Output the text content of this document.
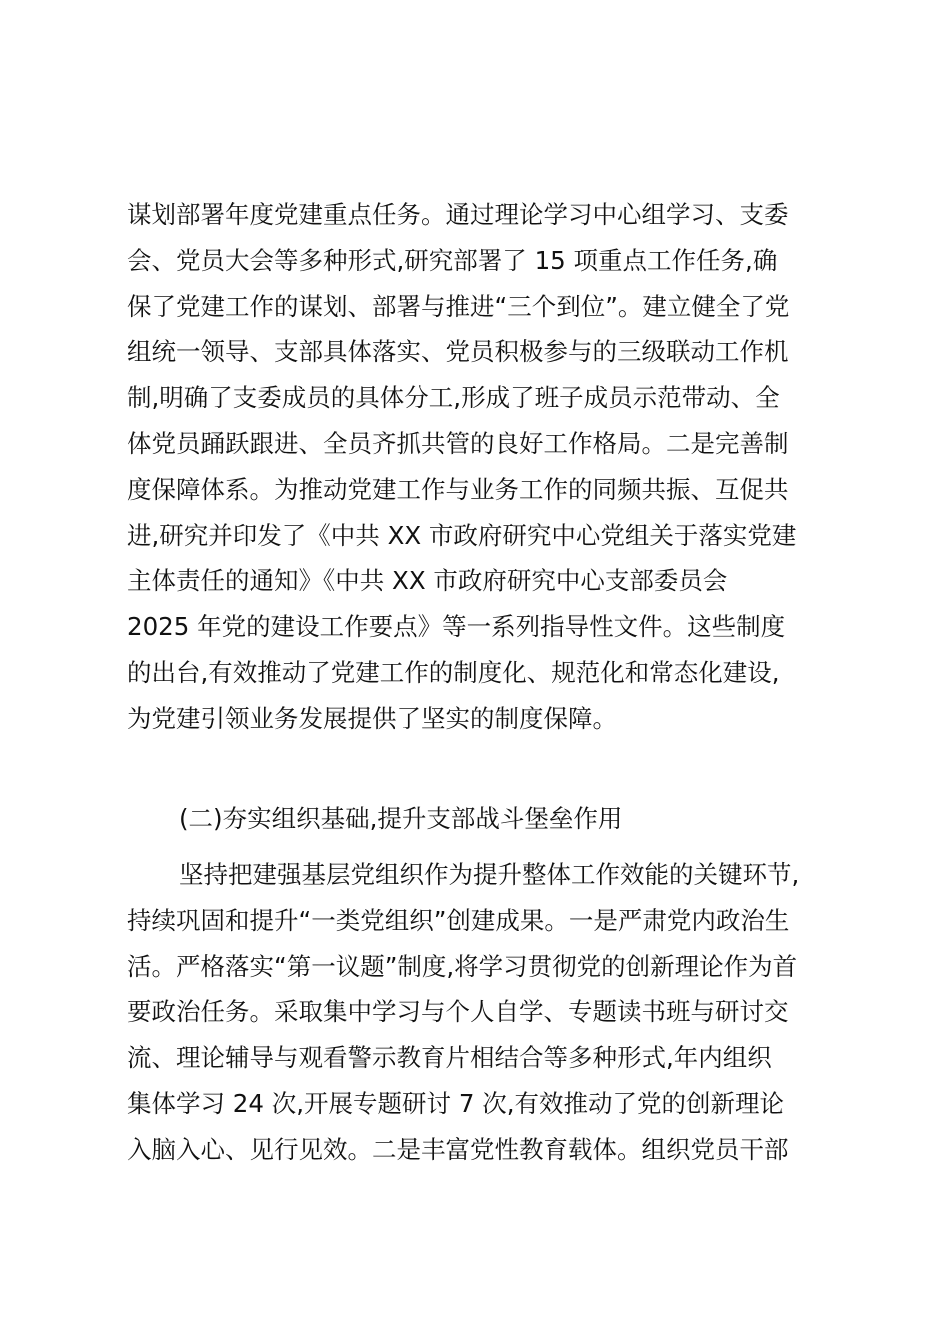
谋划部署年度党建重点任务。通过理论学习中心组学习、支委
会、党员大会等多种形式,研究部署了 15 项重点工作任务,确
保了党建工作的谋划、部署与推进“三个到位”。建立健全了党
组统一领导、支部具体落实、党员积极参与的三级联动工作机
制,明确了支委成员的具体分工,形成了班子成员示范带动、全
体党员踊跃跟进、全员齐抓共管的良好工作格局。二是完善制
度保障体系。为推动党建工作与业务工作的同频共振、互促共
进,研究并印发了《中共 XX 市政府研究中心党组关于落实党建
主体责任的通知》《中共 XX 市政府研究中心支部委员会
2025 年党的建设工作要点》等一系列指导性文件。这些制度
的出台,有效推动了党建工作的制度化、规范化和常态化建设,
为党建引领业务发展提供了坚实的制度保障。
(二)夯实组织基础,提升支部战斗堡垒作用
坚持把建强基层党组织作为提升整体工作效能的关键环节,
持续巩固和提升“一类党组织”创建成果。一是严肃党内政治生
活。严格落实“第一议题”制度,将学习贯彻党的创新理论作为首
要政治任务。采取集中学习与个人自学、专题读书班与研讨交
流、理论辅导与观看警示教育片相结合等多种形式,年内组织
集体学习 24 次,开展专题研讨 7 次,有效推动了党的创新理论
入脑入心、见行见效。二是丰富党性教育载体。组织党员干部
